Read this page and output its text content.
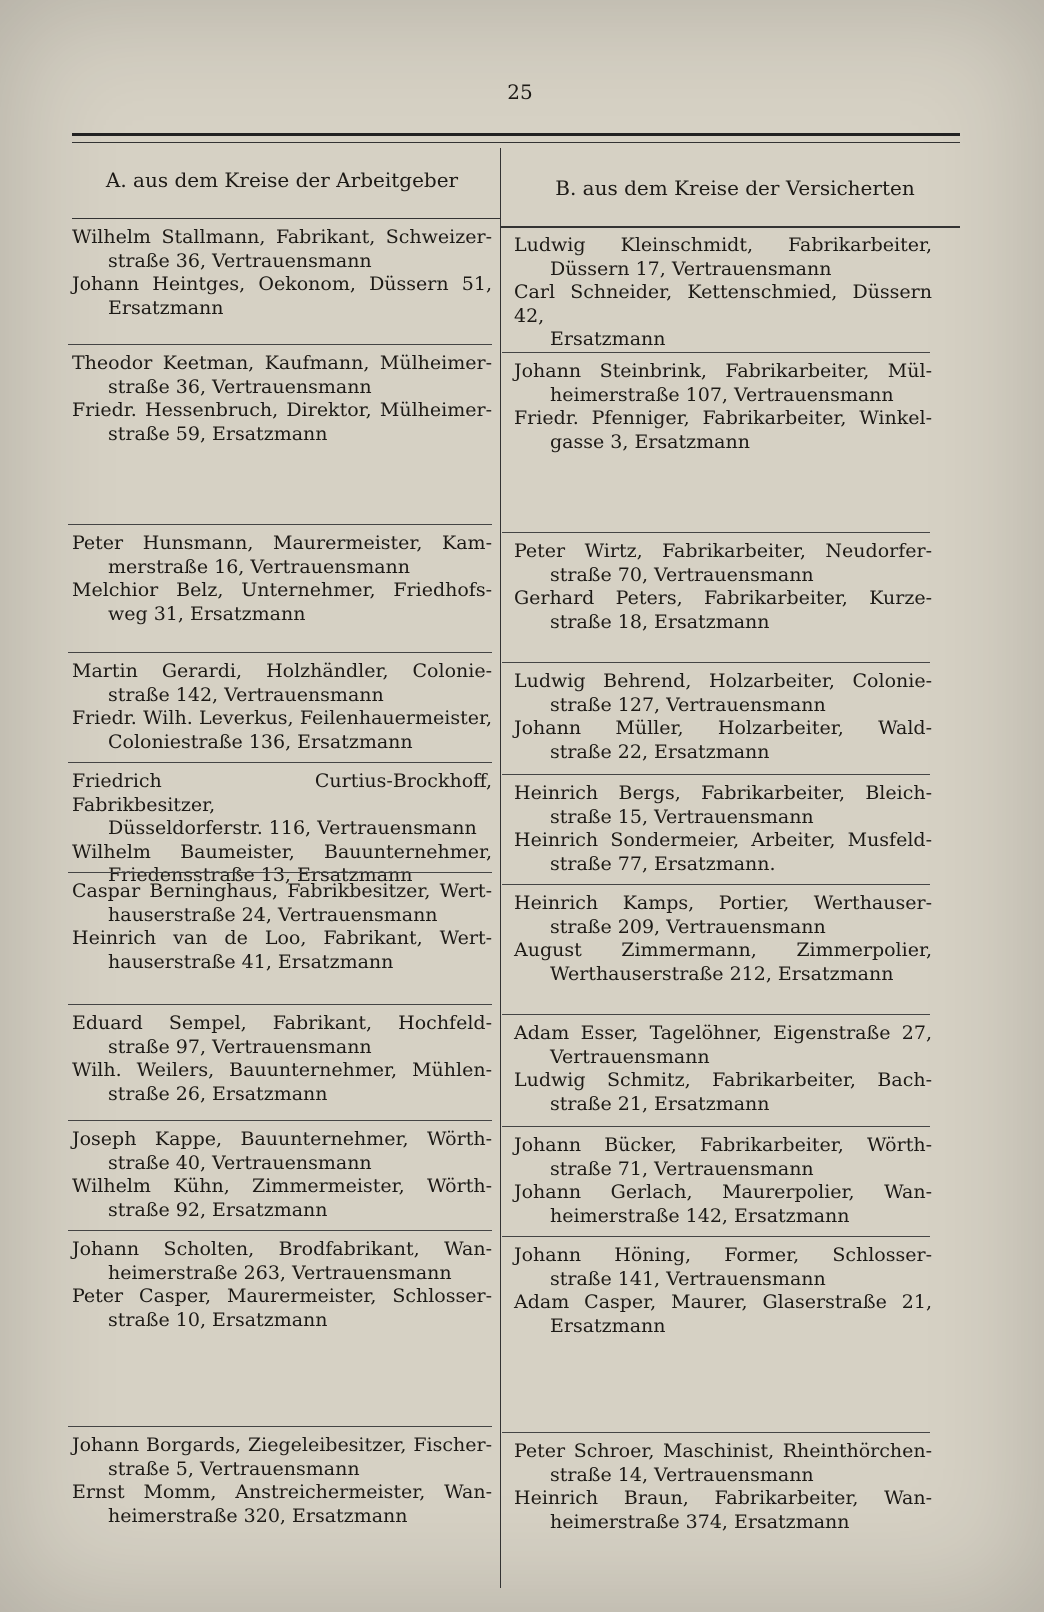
25
A. aus dem Kreise der Arbeitgeber	B. aus dem Kreise der Versicherten
Wilhelm Stallmann, Fabrikant, Schweizer-
straße 36, Vertrauensmann
Johann Heintges, Oekonom, Düssern 51,
Ersatzmann
Theodor Keetman, Kaufmann, Mülheimer-
straße 36, Vertrauensmann
Friedr. Hessenbruch, Direktor, Mülheimer-
straße 59, Ersatzmann
Peter Hunsmann, Maurermeister, Kam-
merstraße 16, Vertrauensmann
Melchior Belz, Unternehmer, Friedhofs-
weg 31, Ersatzmann
Martin Gerardi, Holzhändler, Colonie-
straße 142, Vertrauensmann
Friedr. Wilh. Leverkus, Feilenhauermeister,
Coloniestraße 136, Ersatzmann
Friedrich Curtius-Brockhoff, Fabrikbesitzer,
Düsseldorferstr. 116, Vertrauensmann
Wilhelm Baumeister, Bauunternehmer,
Friedensstraße 13, Ersatzmann
Caspar Berninghaus, Fabrikbesitzer, Wert-
hauserstraße 24, Vertrauensmann
Heinrich van de Loo, Fabrikant, Wert-
hauserstraße 41, Ersatzmann
Eduard Sempel, Fabrikant, Hochfeld-
straße 97, Vertrauensmann
Wilh. Weilers, Bauunternehmer, Mühlen-
straße 26, Ersatzmann
Joseph Kappe, Bauunternehmer, Wörth-
straße 40, Vertrauensmann
Wilhelm Kühn, Zimmermeister, Wörth-
straße 92, Ersatzmann
Johann Scholten, Brodfabrikant, Wan-
heimerstraße 263, Vertrauensmann
Peter Casper, Maurermeister, Schlosser-
straße 10, Ersatzmann
Johann Borgards, Ziegeleibesitzer, Fischer-
straße 5, Vertrauensmann
Ernst Momm, Anstreichermeister, Wan-
heimerstraße 320, Ersatzmann
Ludwig Kleinschmidt, Fabrikarbeiter,
Düssern 17, Vertrauensmann
Carl Schneider, Kettenschmied, Düssern 42,
Ersatzmann
Johann Steinbrink, Fabrikarbeiter, Mül-
heimerstraße 107, Vertrauensmann
Friedr. Pfenniger, Fabrikarbeiter, Winkel-
gasse 3, Ersatzmann
Peter Wirtz, Fabrikarbeiter, Neudorfer-
straße 70, Vertrauensmann
Gerhard Peters, Fabrikarbeiter, Kurze-
straße 18, Ersatzmann
Ludwig Behrend, Holzarbeiter, Colonie-
straße 127, Vertrauensmann
Johann Müller, Holzarbeiter, Wald-
straße 22, Ersatzmann
Heinrich Bergs, Fabrikarbeiter, Bleich-
straße 15, Vertrauensmann
Heinrich Sondermeier, Arbeiter, Musfeld-
straße 77, Ersatzmann.
Heinrich Kamps, Portier, Werthauser-
straße 209, Vertrauensmann
August Zimmermann, Zimmerpolier,
Werthauserstraße 212, Ersatzmann
Adam Esser, Tagelöhner, Eigenstraße 27,
Vertrauensmann
Ludwig Schmitz, Fabrikarbeiter, Bach-
straße 21, Ersatzmann
Johann Bücker, Fabrikarbeiter, Wörth-
straße 71, Vertrauensmann
Johann Gerlach, Maurerpolier, Wan-
heimerstraße 142, Ersatzmann
Johann Höning, Former, Schlosser-
straße 141, Vertrauensmann
Adam Casper, Maurer, Glaserstraße 21,
Ersatzmann
Peter Schroer, Maschinist, Rheinthörchen-
straße 14, Vertrauensmann
Heinrich Braun, Fabrikarbeiter, Wan-
heimerstraße 374, Ersatzmann
